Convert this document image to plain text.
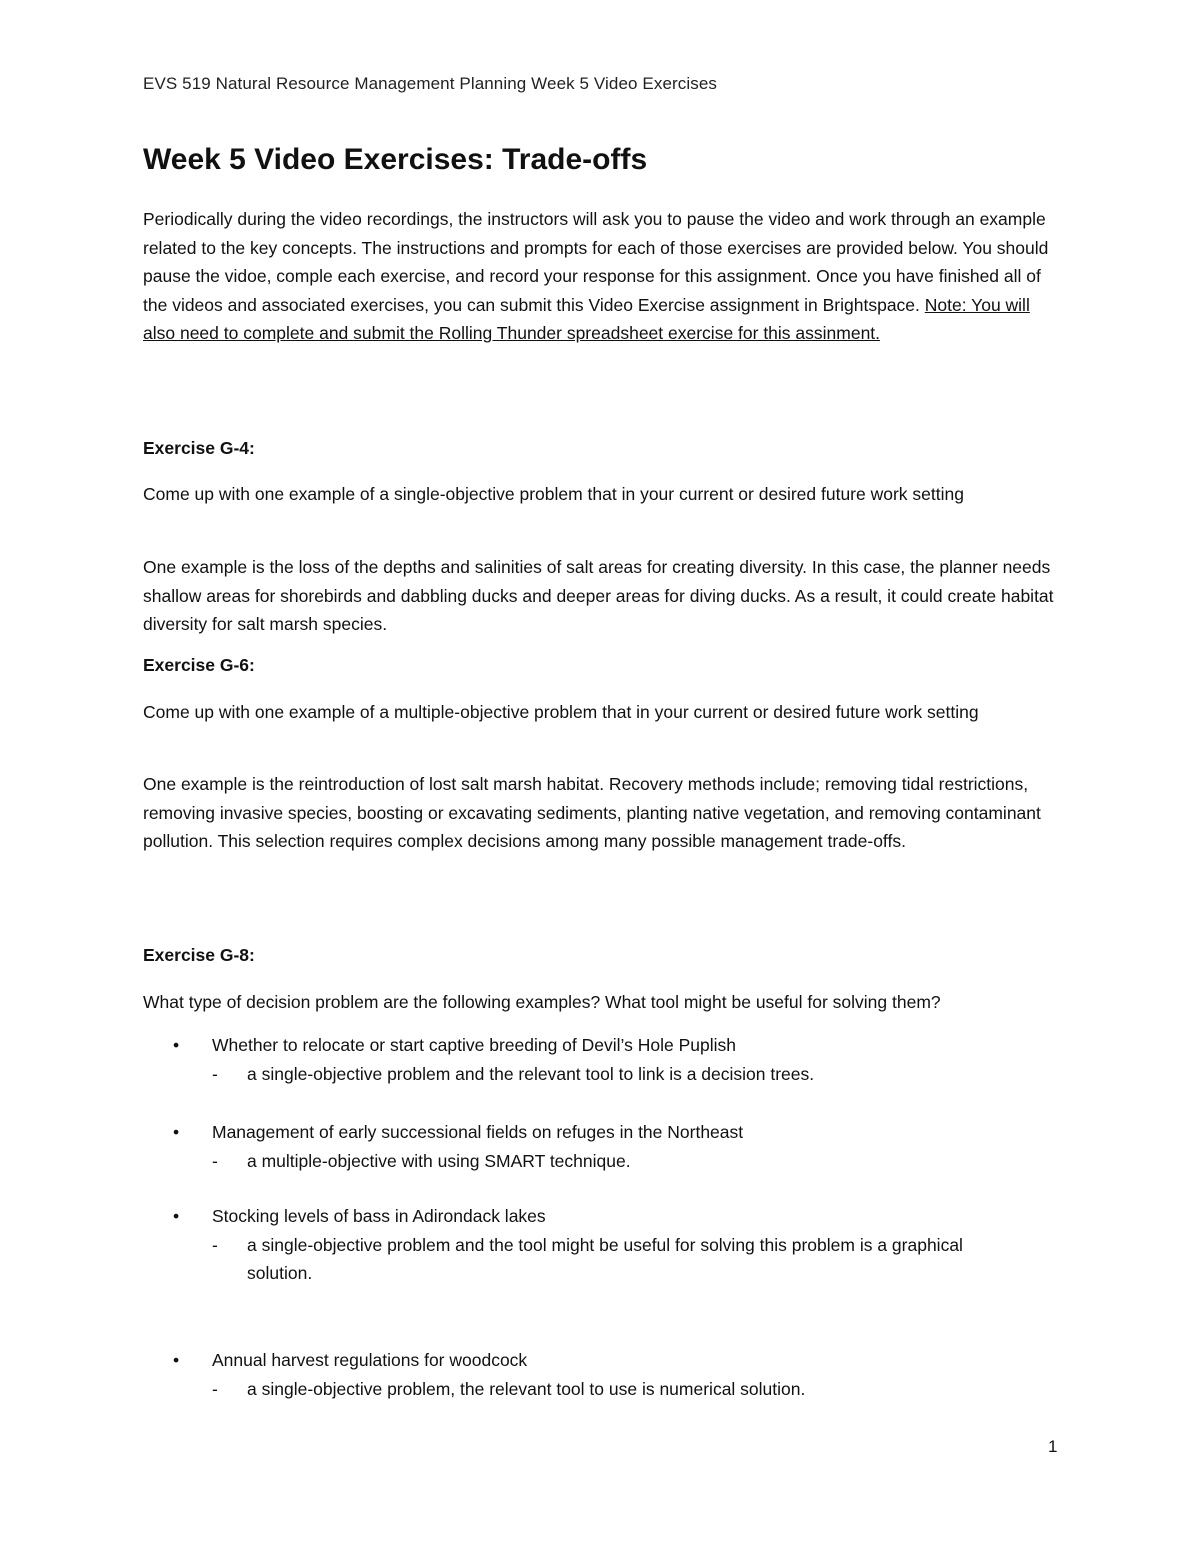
EVS 519 Natural Resource Management Planning Week 5 Video Exercises
Week 5 Video Exercises: Trade-offs

Periodically during the video recordings, the instructors will ask you to pause the video and work through an example related to the key concepts. The instructions and prompts for each of those exercises are provided below. You should pause the vidoe, comple each exercise, and record your response for this assignment. Once you have finished all of the videos and associated exercises, you can submit this Video Exercise assignment in Brightspace. Note: You will also need to complete and submit the Rolling Thunder spreadsheet exercise for this assinment.

Exercise G-4:

Come up with one example of a single-objective problem that in your current or desired future work setting

One example is the loss of the depths and salinities of salt areas for creating diversity. In this case, the planner needs shallow areas for shorebirds and dabbling ducks and deeper areas for diving ducks. As a result, it could create habitat diversity for salt marsh species.

Exercise G-6:

Come up with one example of a multiple-objective problem that in your current or desired future work setting

One example is the reintroduction of lost salt marsh habitat. Recovery methods include; removing tidal restrictions, removing invasive species, boosting or excavating sediments, planting native vegetation, and removing contaminant pollution. This selection requires complex decisions among many possible management trade-offs.

Exercise G-8:

What type of decision problem are the following examples? What tool might be useful for solving them?

• Whether to relocate or start captive breeding of Devil’s Hole Puplish
- a single-objective problem and the relevant tool to link is a decision trees.
• Management of early successional fields on refuges in the Northeast
- a multiple-objective with using SMART technique.
• Stocking levels of bass in Adirondack lakes
- a single-objective problem and the tool might be useful for solving this problem is a graphical solution.
• Annual harvest regulations for woodcock
- a single-objective problem, the relevant tool to use is numerical solution.
1
